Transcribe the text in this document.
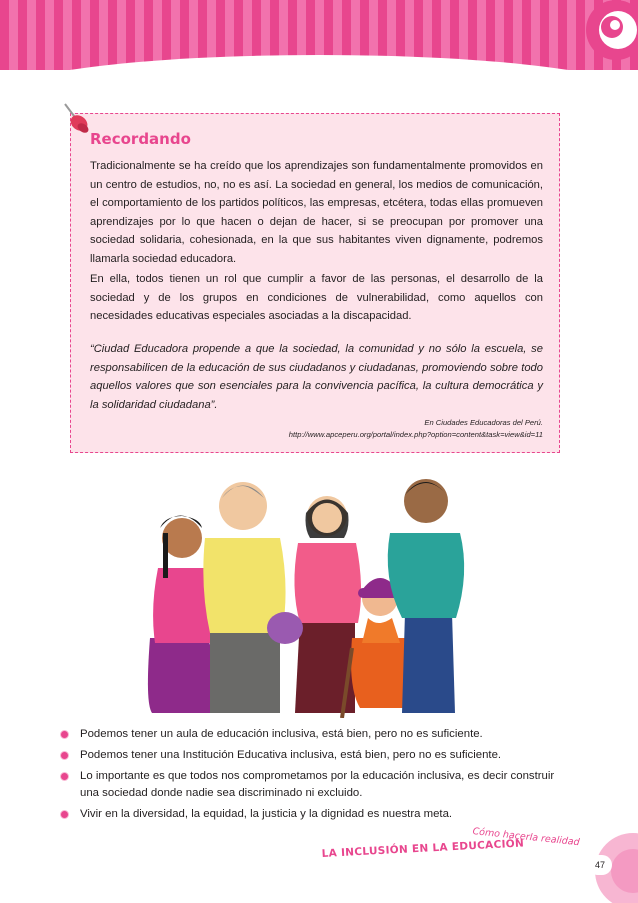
Recordando

Tradicionalmente se ha creído que los aprendizajes son fundamentalmente promovidos en un centro de estudios, no, no es así. La sociedad en general, los medios de comunicación, el comportamiento de los partidos políticos, las empresas, etcétera, todas ellas promueven aprendizajes por lo que hacen o dejan de hacer, si se preocupan por promover una sociedad solidaria, cohesionada, en la que sus habitantes viven dignamente, podremos llamarla sociedad educadora.

En ella, todos tienen un rol que cumplir a favor de las personas, el desarrollo de la sociedad y de los grupos en condiciones de vulnerabilidad, como aquellos con necesidades educativas especiales asociadas a la discapacidad.

“Ciudad Educadora propende a que la sociedad, la comunidad y no sólo la escuela, se responsabilicen de la educación de sus ciudadanos y ciudadanas, promoviendo sobre todo aquellos valores que son esenciales para la convivencia pacífica, la cultura democrática y la solidaridad ciudadana”.

En Ciudades Educadoras del Perú.
http://www.apceperu.org/portal/index.php?option=content&task=view&id=11
Podemos tener un aula de educación inclusiva, está bien, pero no es suficiente.
Podemos tener una Institución Educativa inclusiva, está bien, pero no es suficiente.
Lo importante es que todos nos comprometamos por la educación inclusiva, es decir construir una sociedad donde nadie sea discriminado ni excluido.
Vivir en la diversidad, la equidad, la justicia y la dignidad es nuestra meta.
LA INCLUSIÓN EN LA EDUCACIÓN
Cómo hacerla realidad
47
